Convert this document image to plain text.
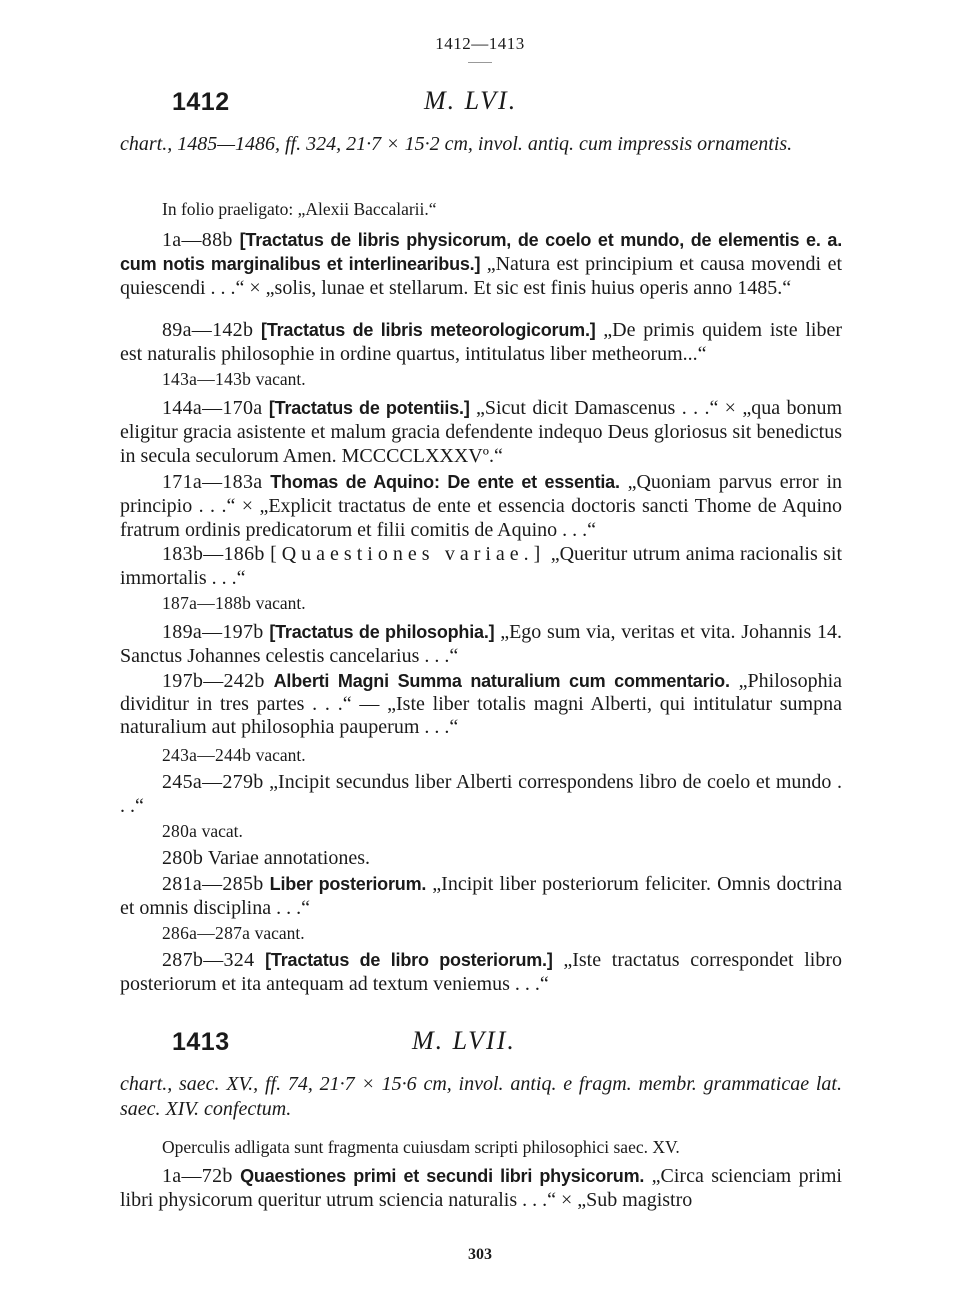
1412—1413
1412	M. LVI.
chart., 1485—1486, ff. 324, 21·7 × 15·2 cm, invol. antiq. cum impressis ornamentis.

In folio praeligato: „Alexii Baccalarii.“

1a—88b [Tractatus de libris physicorum, de coelo et mundo, de elementis e. a. cum notis marginalibus et interlinearibus.] „Natura est principium et causa movendi et quiescendi . . .“ × „solis, lunae et stellarum. Et sic est finis huius operis anno 1485.“

89a—142b [Tractatus de libris meteorologicorum.] „De primis quidem iste liber est naturalis philosophie in ordine quartus, intitulatus liber metheorum...“

143a—143b vacant.

144a—170a [Tractatus de potentiis.] „Sicut dicit Damascenus . . .“ × „qua bonum eligitur gracia asistente et malum gracia defendente indequo Deus gloriosus sit benedictus in secula seculorum Amen. MCCCCLXXXVº.“

171a—183a Thomas de Aquino: De ente et essentia. „Quoniam parvus error in principio . . .“ × „Explicit tractatus de ente et essencia doctoris sancti Thome de Aquino fratrum ordinis predicatorum et filii comitis de Aquino . . .“

183b—186b [Quaestiones variae.] „Queritur utrum anima racionalis sit immortalis . . .“

187a—188b vacant.

189a—197b [Tractatus de philosophia.] „Ego sum via, veritas et vita. Johannis 14. Sanctus Johannes celestis cancelarius . . .“

197b—242b Alberti Magni Summa naturalium cum commentario. „Philosophia dividitur in tres partes . . .“ — „Iste liber totalis magni Alberti, qui intitulatur sumpna naturalium aut philosophia pauperum . . .“

243a—244b vacant.

245a—279b „Incipit secundus liber Alberti correspondens libro de coelo et mundo . . .“

280a vacat.

280b Variae annotationes.

281a—285b Liber posteriorum. „Incipit liber posteriorum feliciter. Omnis doctrina et omnis disciplina . . .“

286a—287a vacant.

287b—324 [Tractatus de libro posteriorum.] „Iste tractatus correspondet libro posteriorum et ita antequam ad textum veniemus . . .“

1413	M. LVII.
chart., saec. XV., ff. 74, 21·7 × 15·6 cm, invol. antiq. e fragm. membr. grammaticae lat. saec. XIV. confectum.

Operculis adligata sunt fragmenta cuiusdam scripti philosophici saec. XV.

1a—72b Quaestiones primi et secundi libri physicorum. „Circa scienciam primi libri physicorum queritur utrum sciencia naturalis . . .“ × „Sub magistro

303
